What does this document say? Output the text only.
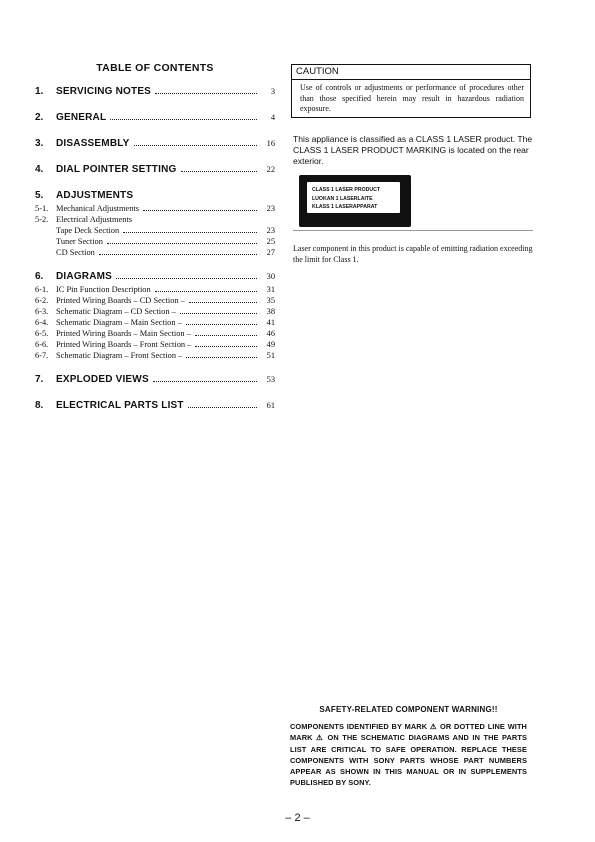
TABLE OF CONTENTS
1.	SERVICING NOTES	3
2.	GENERAL	4
3.	DISASSEMBLY	16
4.	DIAL POINTER SETTING	22
5.	ADJUSTMENTS
5-1. Mechanical Adjustments	23
5-2. Electrical Adjustments
Tape Deck Section	23
Tuner Section	25
CD Section	27
6.	DIAGRAMS	30
6-1. IC Pin Function Description	31
6-2. Printed Wiring Boards – CD Section –	35
6-3. Schematic Diagram – CD Section –	38
6-4. Schematic Diagram – Main Section –	41
6-5. Printed Wiring Boards – Main Section –	46
6-6. Printed Wiring Boards – Front Section –	49
6-7. Schematic Diagram – Front Section –	51
7.	EXPLODED VIEWS	53
8.	ELECTRICAL PARTS LIST	61
CAUTION
Use of controls or adjustments or performance of procedures other than those specified herein may result in hazardous radiation exposure.
This appliance is classified as a CLASS 1 LASER product. The CLASS 1 LASER PRODUCT MARKING is located on the rear exterior.
CLASS 1 LASER PRODUCT
LUOKAN 1 LASERLAITE
KLASS 1 LASERAPPARAT
Laser component in this product is capable of emitting radiation exceeding the limit for Class 1.
SAFETY-RELATED COMPONENT WARNING!!
COMPONENTS IDENTIFIED BY MARK ⚠ OR DOTTED LINE WITH MARK ⚠ ON THE SCHEMATIC DIAGRAMS AND IN THE PARTS LIST ARE CRITICAL TO SAFE OPERATION. REPLACE THESE COMPONENTS WITH SONY PARTS WHOSE PART NUMBERS APPEAR AS SHOWN IN THIS MANUAL OR IN SUPPLEMENTS PUBLISHED BY SONY.
– 2 –
